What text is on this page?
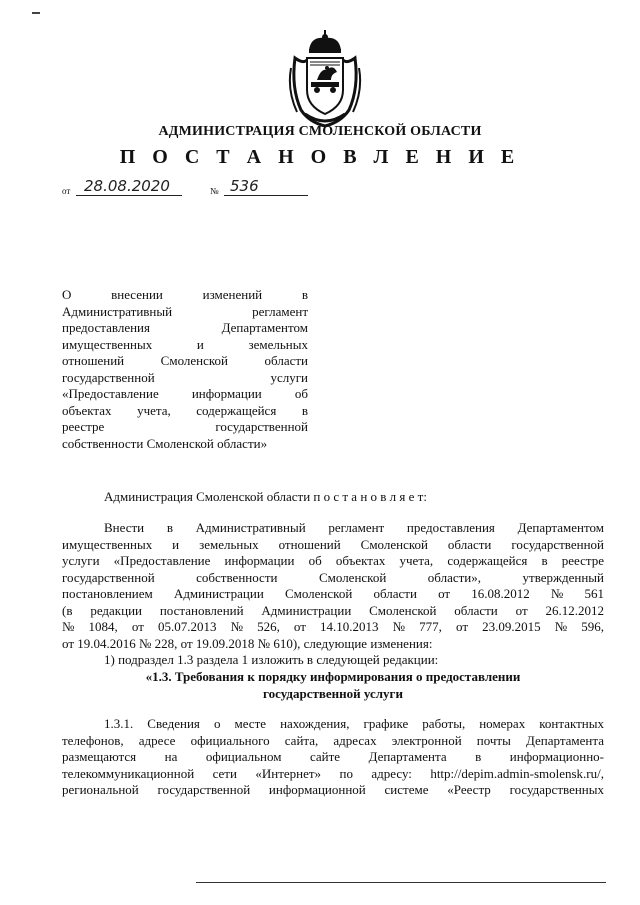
АДМИНИСТРАЦИЯ СМОЛЕНСКОЙ ОБЛАСТИ
П О С Т А Н О В Л Е Н И Е
от 28.08.2020	№ 536
О внесении изменений в
Административный регламент
предоставления Департаментом
имущественных и земельных
отношений Смоленской области
государственной услуги
«Предоставление информации об
объектах учета, содержащейся в
реестре государственной
собственности Смоленской области»
Администрация Смоленской области п о с т а н о в л я е т:
Внести в Административный регламент предоставления Департаментом
имущественных и земельных отношений Смоленской области государственной
услуги «Предоставление информации об объектах учета, содержащейся в реестре
государственной собственности Смоленской области», утвержденный
постановлением Администрации Смоленской области от 16.08.2012 № 561
(в редакции постановлений Администрации Смоленской области от 26.12.2012
№ 1084, от 05.07.2013 № 526, от 14.10.2013 № 777, от 23.09.2015 № 596,
от 19.04.2016 № 228, от 19.09.2018 № 610), следующие изменения:
1) подраздел 1.3 раздела 1 изложить в следующей редакции:
«1.3. Требования к порядку информирования о предоставлении
государственной услуги
1.3.1. Сведения о месте нахождения, графике работы, номерах контактных
телефонов, адресе официального сайта, адресах электронной почты Департамента
размещаются на официальном сайте Департамента в информационно-
телекоммуникационной сети «Интернет» по адресу: http://depim.admin-smolensk.ru/,
региональной государственной информационной системе «Реестр государственных
